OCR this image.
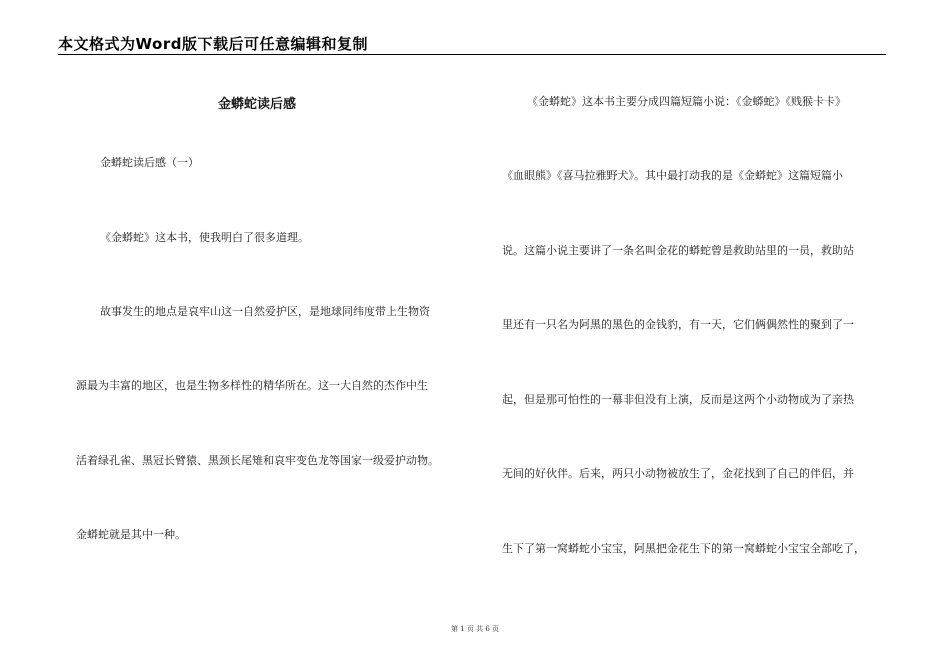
本文格式为Word版下载后可任意编辑和复制
金蟒蛇读后感
金蟒蛇读后感（一）
《金蟒蛇》这本书，使我明白了很多道理。
故事发生的地点是哀牢山这一自然爱护区，是地球同纬度带上生物资
源最为丰富的地区，也是生物多样性的精华所在。这一大自然的杰作中生
活着绿孔雀、黑冠长臂猿、黑颈长尾雉和哀牢变色龙等国家一级爱护动物。
金蟒蛇就是其中一种。
《金蟒蛇》这本书主要分成四篇短篇小说：《金蟒蛇》《贱猴卡卡》
《血眼熊》《喜马拉雅野犬》。其中最打动我的是《金蟒蛇》这篇短篇小
说。这篇小说主要讲了一条名叫金花的蟒蛇曾是救助站里的一员，救助站
里还有一只名为阿黑的黑色的金钱豹，有一天，它们俩偶然性的聚到了一
起，但是那可怕性的一幕非但没有上演，反而是这两个小动物成为了亲热
无间的好伙伴。后来，两只小动物被放生了，金花找到了自己的伴侣，并
生下了第一窝蟒蛇小宝宝，阿黑把金花生下的第一窝蟒蛇小宝宝全部吃了，
第 1 页 共 6 页
